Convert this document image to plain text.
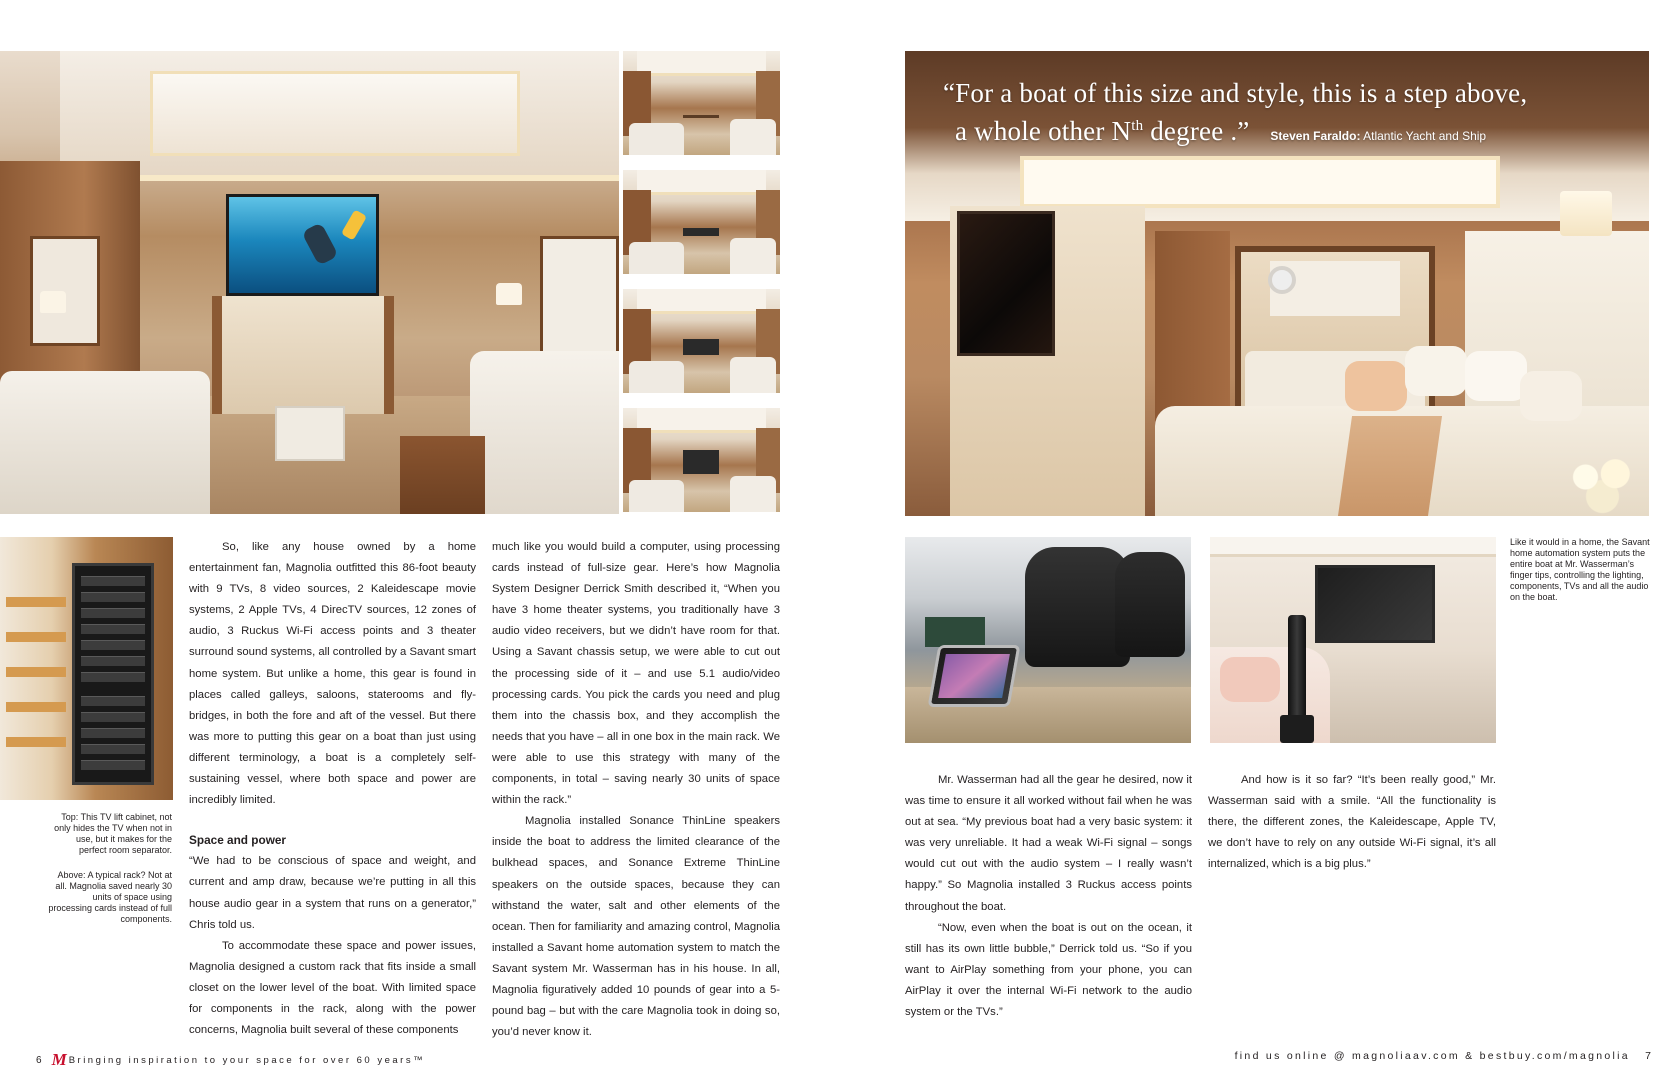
Top: This TV lift cabinet, not only hides the TV when not in use, but it makes for the perfect room separator.
Above: A typical rack? Not at all. Magnolia saved nearly 30 units of space using processing cards instead of full components.

So, like any house owned by a home entertainment fan, Magnolia outfitted this 86-foot beauty with 9 TVs, 8 video sources, 2 Kaleidescape movie systems, 2 Apple TVs, 4 DirecTV sources, 12 zones of audio, 3 Ruckus Wi-Fi access points and 3 theater surround sound systems, all controlled by a Savant smart home system. But unlike a home, this gear is found in places called galleys, saloons, staterooms and fly-bridges, in both the fore and aft of the vessel. But there was more to putting this gear on a boat than just using different terminology, a boat is a completely self-sustaining vessel, where both space and power are incredibly limited.

Space and power

“We had to be conscious of space and weight, and current and amp draw, because we’re putting in all this house audio gear in a system that runs on a generator,” Chris told us.

To accommodate these space and power issues, Magnolia designed a custom rack that fits inside a small closet on the lower level of the boat. With limited space for components in the rack, along with the power concerns, Magnolia built several of these components

much like you would build a computer, using processing cards instead of full-size gear. Here’s how Magnolia System Designer Derrick Smith described it, “When you have 3 home theater systems, you traditionally have 3 audio video receivers, but we didn’t have room for that. Using a Savant chassis setup, we were able to cut out the processing side of it – and use 5.1 audio/video processing cards. You pick the cards you need and plug them into the chassis box, and they accomplish the needs that you have – all in one box in the main rack. We were able to use this strategy with many of the components, in total – saving nearly 30 units of space within the rack.”

Magnolia installed Sonance ThinLine speakers inside the boat to address the limited clearance of the bulkhead spaces, and Sonance Extreme ThinLine speakers on the outside spaces, because they can withstand the water, salt and other elements of the ocean. Then for familiarity and amazing control, Magnolia installed a Savant home automation system to match the Savant system Mr. Wasserman has in his house. In all, Magnolia figuratively added 10 pounds of gear into a 5-pound bag – but with the care Magnolia took in doing so, you’d never know it.

6 M Bringing inspiration to your space for over 60 years™
“For a boat of this size and style, this is a step above,
a whole other $N^{th}$ degree .” Steven Faraldo: Atlantic Yacht and Ship
Like it would in a home, the Savant home automation system puts the entire boat at Mr. Wasserman’s finger tips, controlling the lighting, components, TVs and all the audio on the boat.

Mr. Wasserman had all the gear he desired, now it was time to ensure it all worked without fail when he was out at sea. “My previous boat had a very basic system: it was very unreliable. It had a weak Wi-Fi signal – songs would cut out with the audio system – I really wasn’t happy.” So Magnolia installed 3 Ruckus access points throughout the boat.

“Now, even when the boat is out on the ocean, it still has its own little bubble,” Derrick told us. “So if you want to AirPlay something from your phone, you can AirPlay it over the internal Wi-Fi network to the audio system or the TVs.”

And how is it so far? “It’s been really good,” Mr. Wasserman said with a smile. “All the functionality is there, the different zones, the Kaleidescape, Apple TV, we don’t have to rely on any outside Wi-Fi signal, it’s all internalized, which is a big plus.”

find us online @ magnoliaav.com & bestbuy.com/magnolia 7
